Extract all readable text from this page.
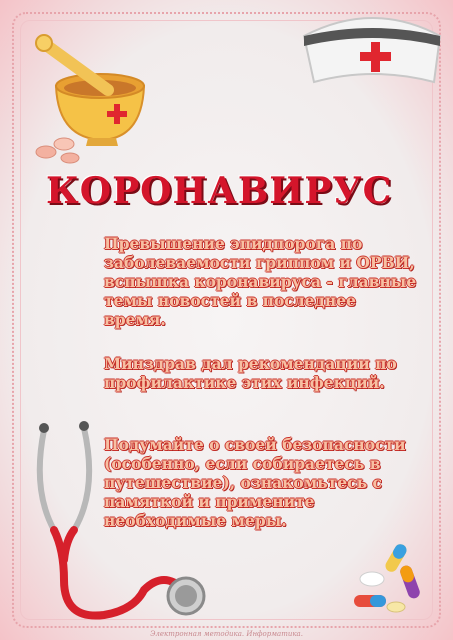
КОРОНАВИРУС

Превышение эпидпорога по заболеваемости гриппом и ОРВИ, вспышка коронавируса - главные темы новостей в последнее время.

Минздрав дал рекомендации по профилактике этих инфекций.

Подумайте о своей безопасности (особенно, если собираетесь в путешествие), ознакомьтесь с памяткой и примените необходимые меры.

Электронная методика. Информатика.
